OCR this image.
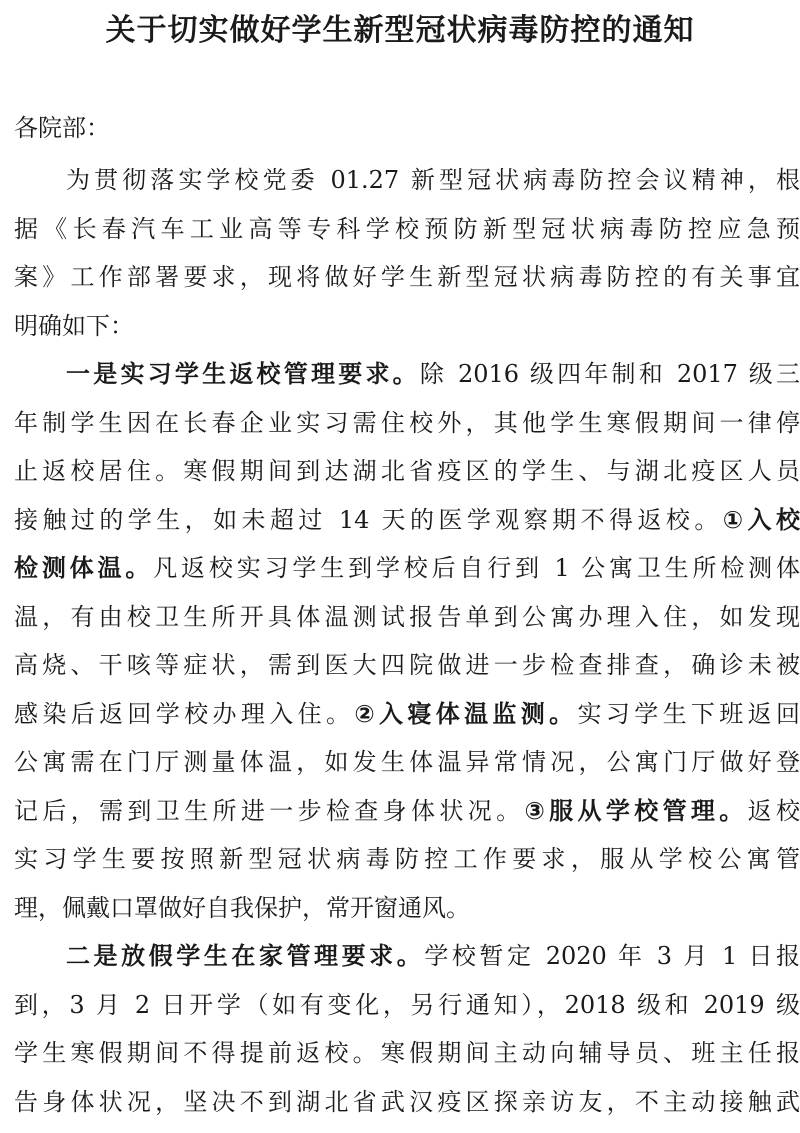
关于切实做好学生新型冠状病毒防控的通知

各院部：

为贯彻落实学校党委 01.27 新型冠状病毒防控会议精神，根
据《长春汽车工业高等专科学校预防新型冠状病毒防控应急预
案》工作部署要求，现将做好学生新型冠状病毒防控的有关事宜
明确如下：
一是实习学生返校管理要求。除 2016 级四年制和 2017 级三
年制学生因在长春企业实习需住校外，其他学生寒假期间一律停
止返校居住。寒假期间到达湖北省疫区的学生、与湖北疫区人员
接触过的学生，如未超过 14 天的医学观察期不得返校。①入校
检测体温。凡返校实习学生到学校后自行到 1 公寓卫生所检测体
温，有由校卫生所开具体温测试报告单到公寓办理入住，如发现
高烧、干咳等症状，需到医大四院做进一步检查排查，确诊未被
感染后返回学校办理入住。②入寝体温监测。实习学生下班返回
公寓需在门厅测量体温，如发生体温异常情况，公寓门厅做好登
记后，需到卫生所进一步检查身体状况。③服从学校管理。返校
实习学生要按照新型冠状病毒防控工作要求，服从学校公寓管
理，佩戴口罩做好自我保护，常开窗通风。
二是放假学生在家管理要求。学校暂定 2020 年 3 月 1 日报
到，3 月 2 日开学（如有变化，另行通知），2018 级和 2019 级
学生寒假期间不得提前返校。寒假期间主动向辅导员、班主任报
告身体状况，坚决不到湖北省武汉疫区探亲访友，不主动接触武
